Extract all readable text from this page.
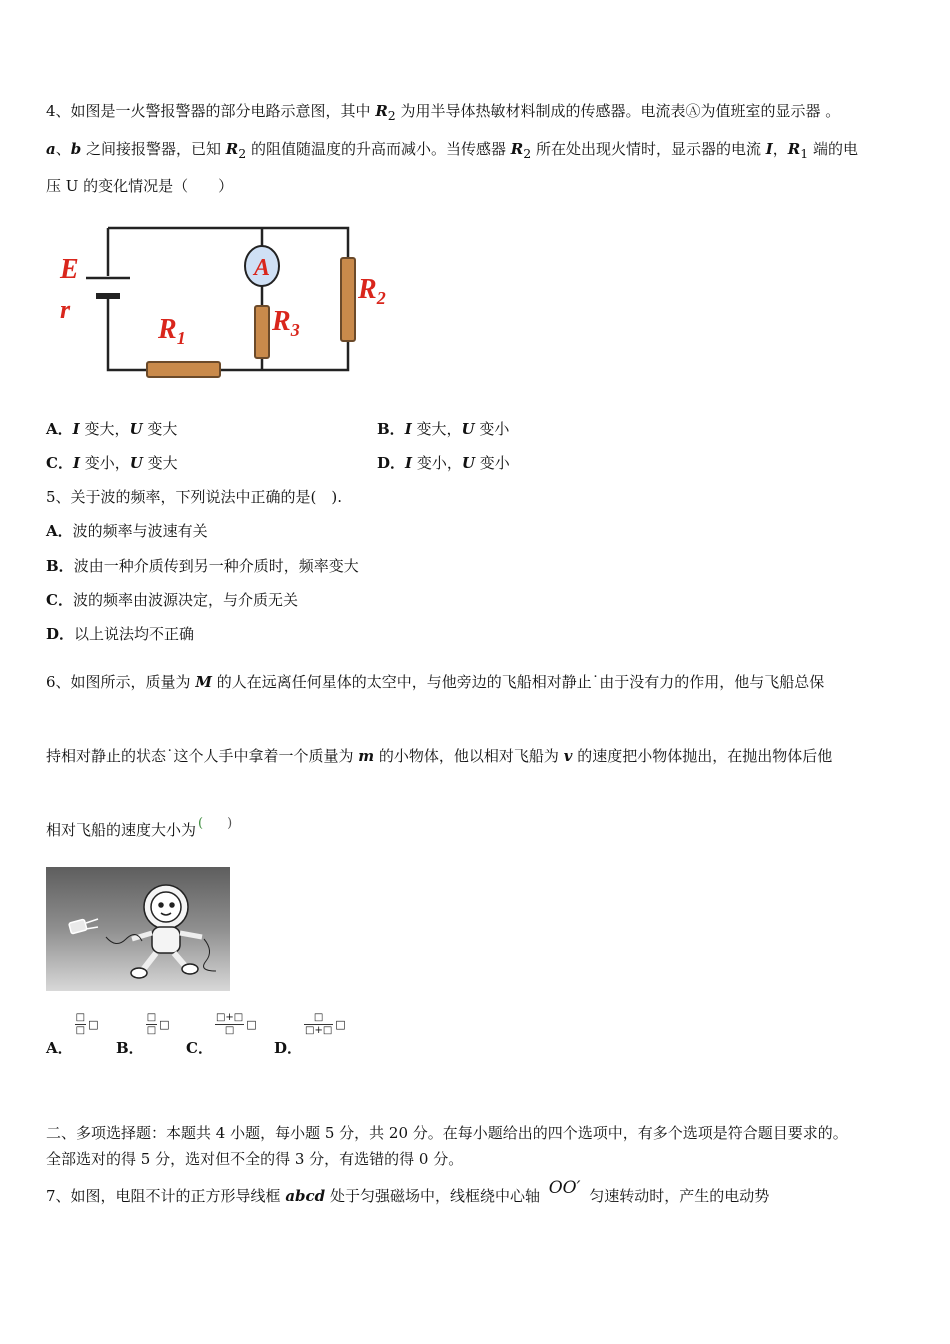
4、如图是一火警报警器的部分电路示意图，其中 $R_2$ 为用半导体热敏材料制成的传感器。电流表Ⓐ为值班室的显示器 。
a、b 之间接报警器，已知 $R_2$ 的阻值随温度的升高而减小。当传感器 $R_2$ 所在处出现火情时，显示器的电流 I，$R_1$ 端的电
压 U 的变化情况是（　　）
A
E
r
$R_1$
$R_3$
$R_2$
A．I 变大，U 变大	B．I 变大，U 变小
C．I 变小，U 变大	D．I 变小，U 变小
5、关于波的频率，下列说法中正确的是(　).
A．波的频率与波速有关
B．波由一种介质传到另一种介质时，频率变大
C．波的频率由波源决定，与介质无关
D．以上说法均不正确
6、如图所示，质量为 M 的人在远离任何星体的太空中，与他旁边的飞船相对静止˙由于没有力的作用，他与飞船总保
持相对静止的状态˙这个人手中拿着一个质量为 m 的小物体，他以相对飞船为 v 的速度把小物体抛出，在抛出物体后他
相对飞船的速度大小为 ( )
A．
$\frac{□}{□}$ □
B．
$\frac{□}{□}$ □
C．
$\frac{□+□}{□}$ □
D．
$\frac{□}{□+□}$ □
二、多项选择题：本题共 4 小题，每小题 5 分，共 20 分。在每小题给出的四个选项中，有多个选项是符合题目要求的。
全部选对的得 5 分，选对但不全的得 3 分，有选错的得 0 分。
7、如图，电阻不计的正方形导线框 abcd 处于匀强磁场中，线框绕中心轴 OO′ 匀速转动时，产生的电动势
